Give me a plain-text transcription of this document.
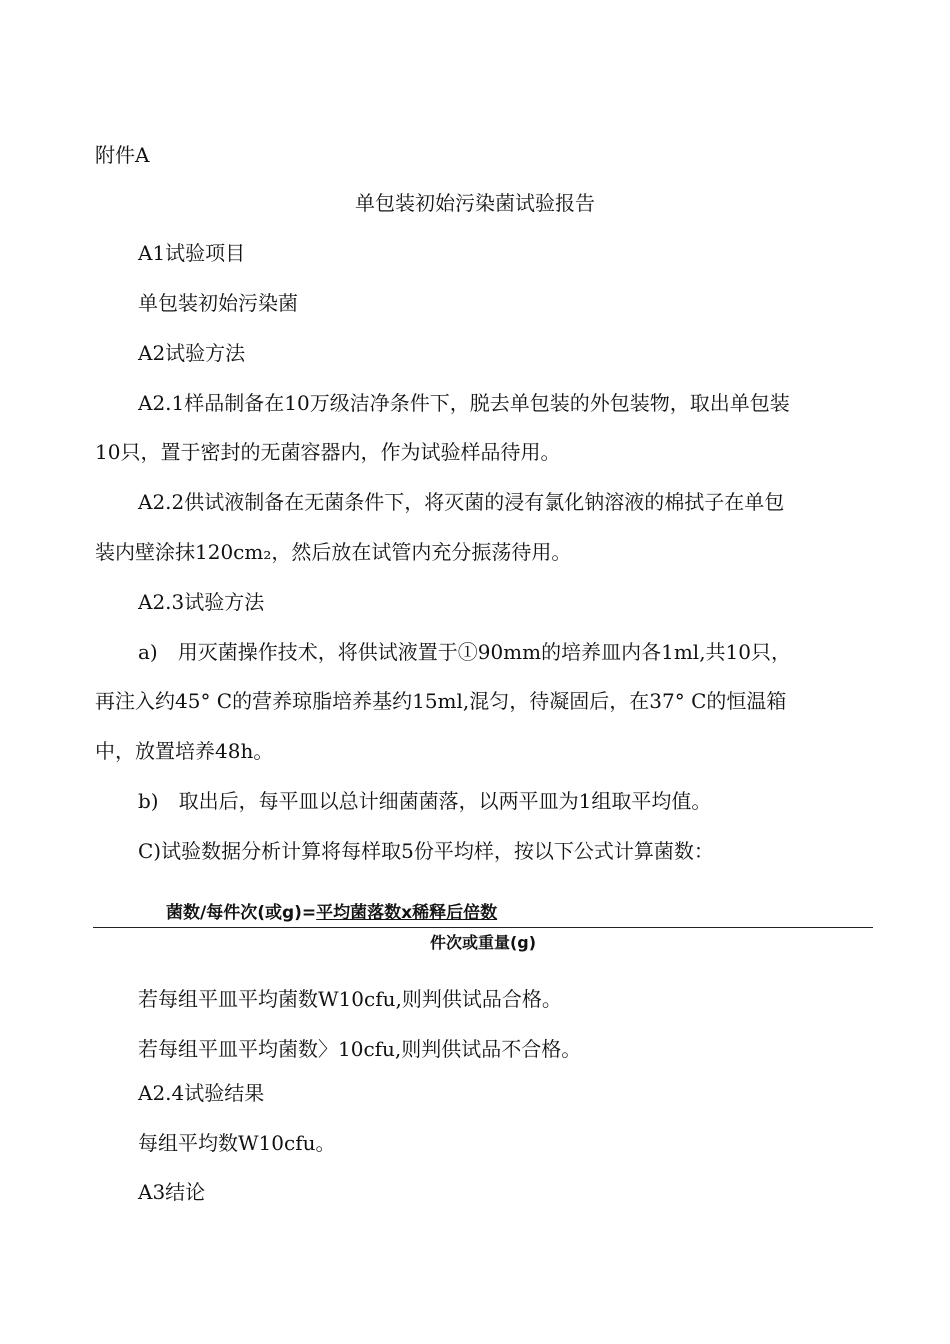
附件A
单包装初始污染菌试验报告
A1试验项目
单包装初始污染菌
A2试验方法
A2.1样品制备在10万级洁净条件下，脱去单包装的外包装物，取出单包装
10只，置于密封的无菌容器内，作为试验样品待用。
A2.2供试液制备在无菌条件下，将灭菌的浸有氯化钠溶液的棉拭子在单包
装内壁涂抹120cm₂，然后放在试管内充分振荡待用。
A2.3试验方法
a)　用灭菌操作技术，将供试液置于①90mm的培养皿内各1ml,共10只，
再注入约45° C的营养琼脂培养基约15ml,混匀，待凝固后，在37° C的恒温箱
中，放置培养48h。
b)　取出后，每平皿以总计细菌菌落，以两平皿为1组取平均值。
C)试验数据分析计算将每样取5份平均样，按以下公式计算菌数：
菌数/每件次(或g)=平均菌落数x稀释后倍数
件次或重量(g)
若每组平皿平均菌数W10cfu,则判供试品合格。
若每组平皿平均菌数〉10cfu,则判供试品不合格。
A2.4试验结果
每组平均数W10cfu。
A3结论
